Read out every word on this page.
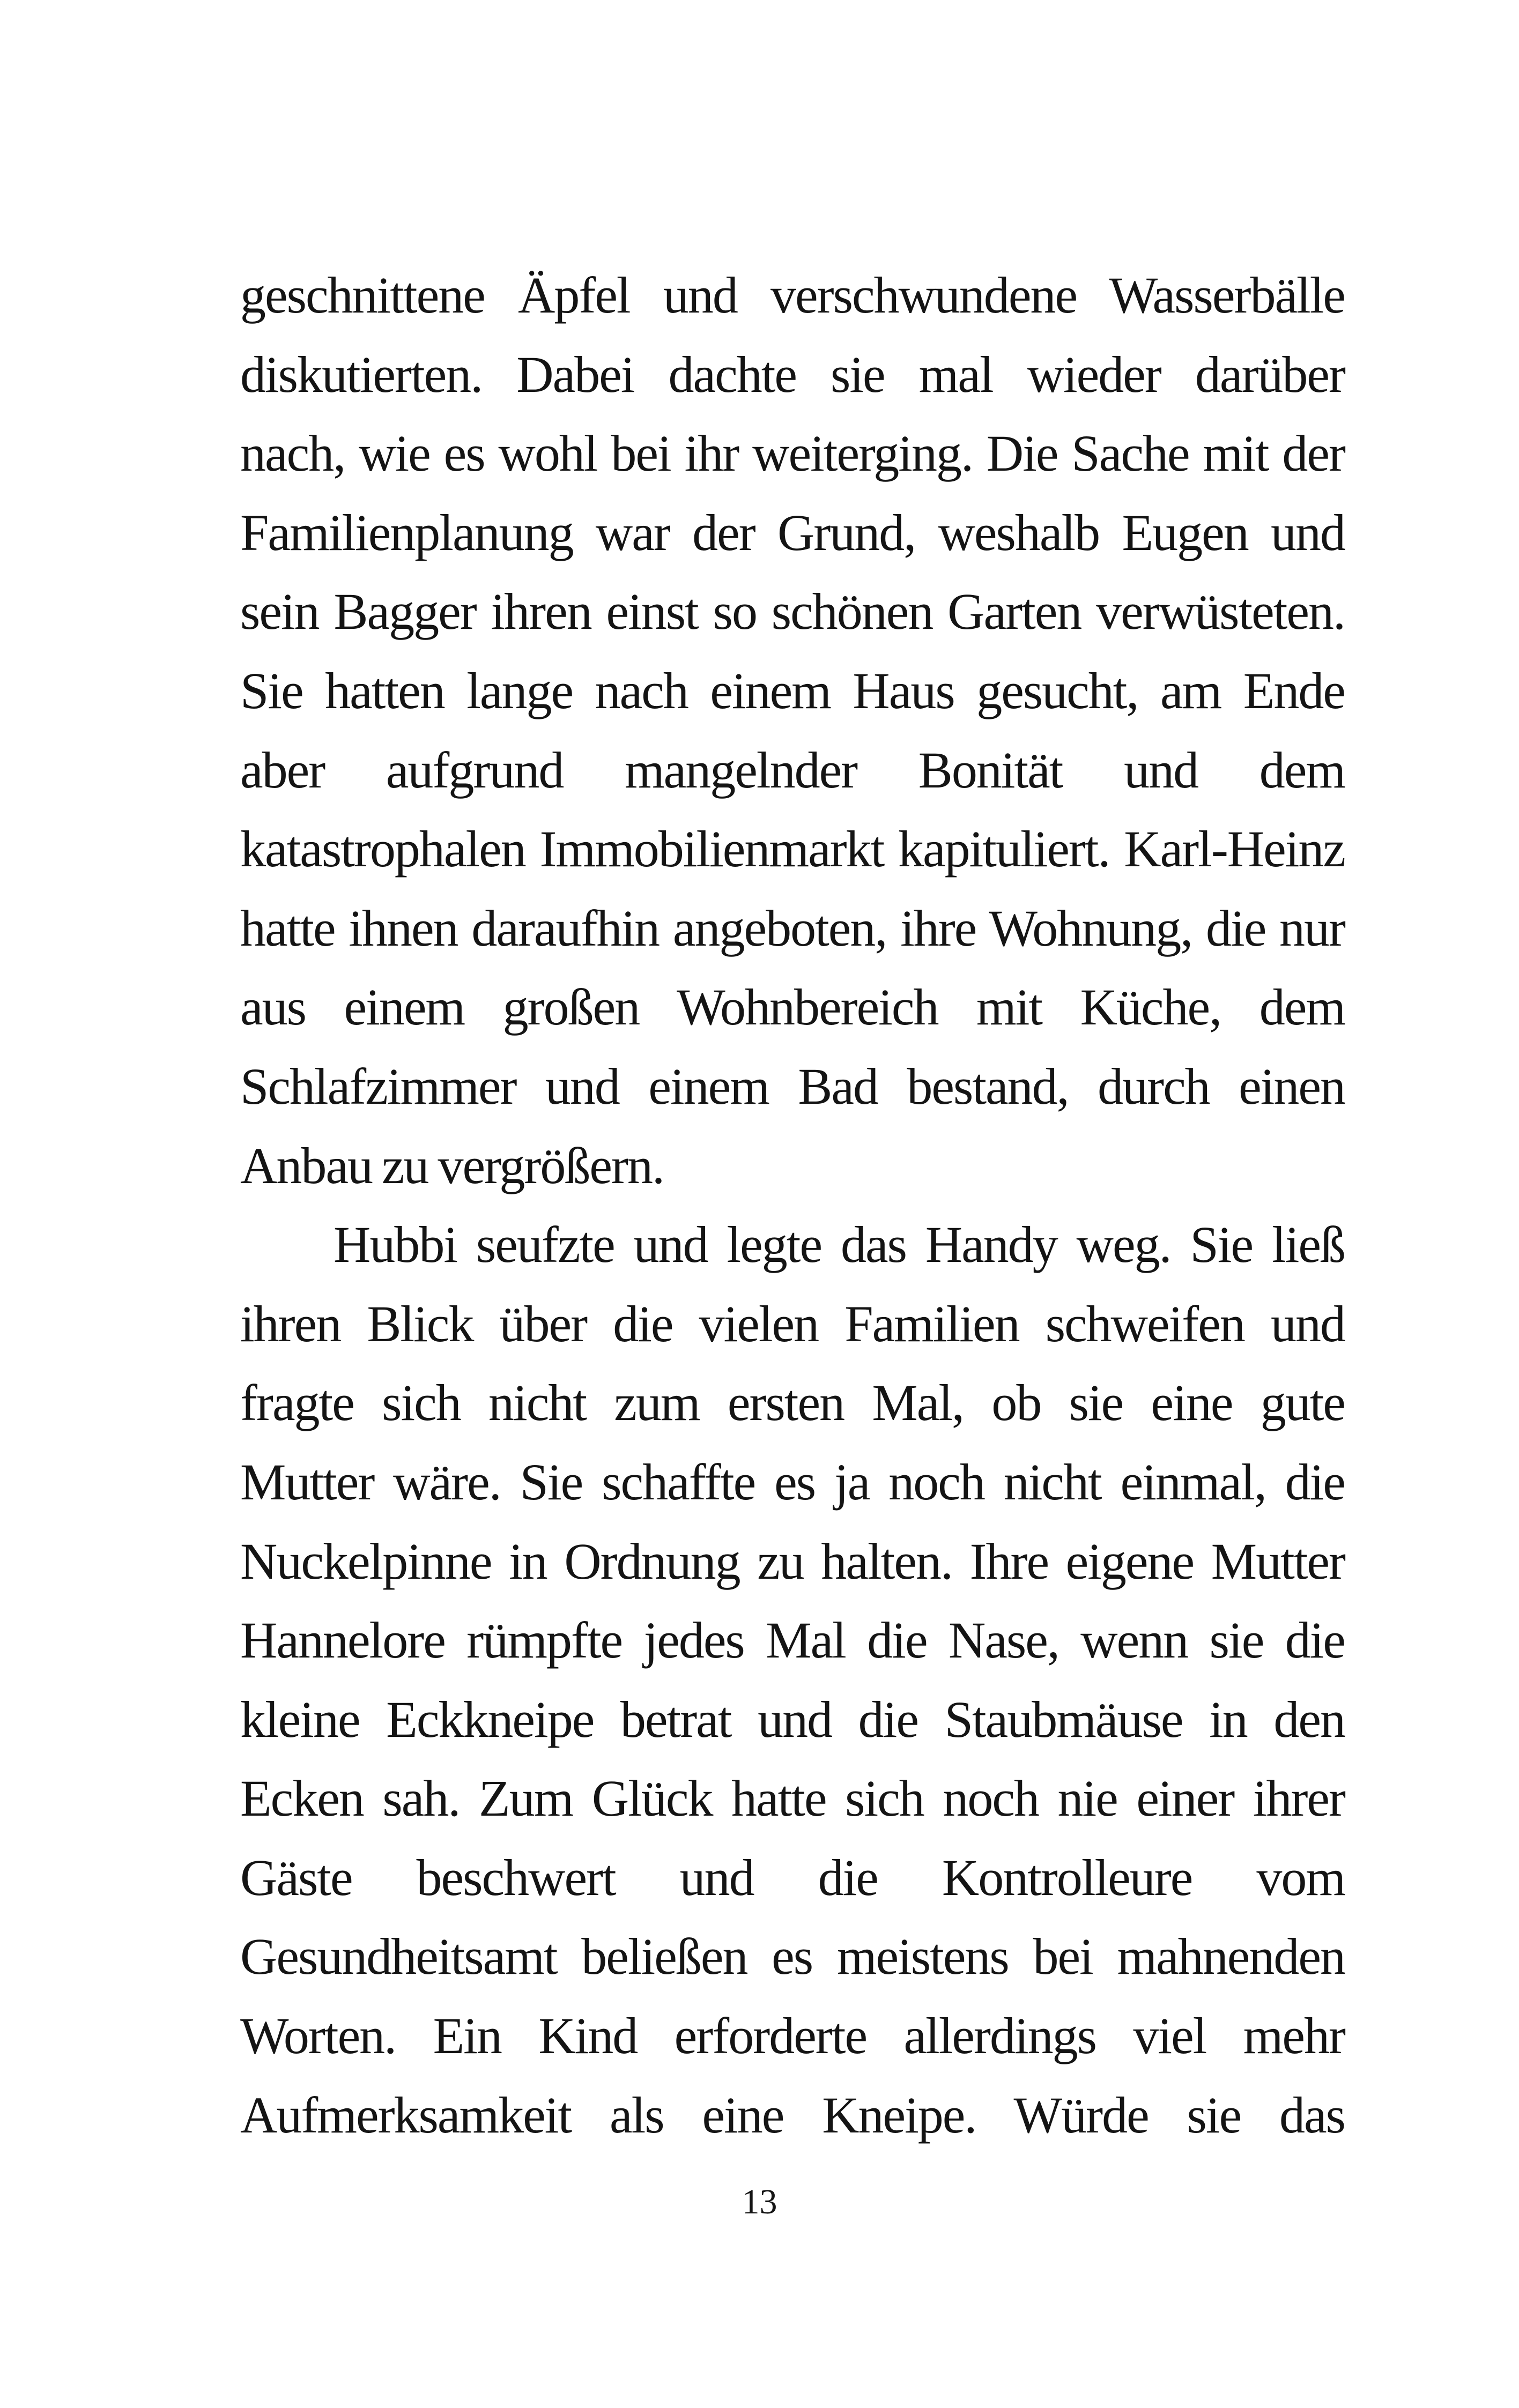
geschnittene Äpfel und verschwundene Wasserbälle
diskutierten. Dabei dachte sie mal wieder darüber
nach, wie es wohl bei ihr weiterging. Die Sache mit der
Familienplanung war der Grund, weshalb Eugen und
sein Bagger ihren einst so schönen Garten verwüsteten.
Sie hatten lange nach einem Haus gesucht, am Ende
aber aufgrund mangelnder Bonität und dem
katastrophalen Immobilienmarkt kapituliert. Karl-Heinz
hatte ihnen daraufhin angeboten, ihre Wohnung, die nur
aus einem großen Wohnbereich mit Küche, dem
Schlafzimmer und einem Bad bestand, durch einen
Anbau zu vergrößern.

Hubbi seufzte und legte das Handy weg. Sie ließ
ihren Blick über die vielen Familien schweifen und
fragte sich nicht zum ersten Mal, ob sie eine gute
Mutter wäre. Sie schaffte es ja noch nicht einmal, die
Nuckelpinne in Ordnung zu halten. Ihre eigene Mutter
Hannelore rümpfte jedes Mal die Nase, wenn sie die
kleine Eckkneipe betrat und die Staubmäuse in den
Ecken sah. Zum Glück hatte sich noch nie einer ihrer
Gäste beschwert und die Kontrolleure vom
Gesundheitsamt beließen es meistens bei mahnenden
Worten. Ein Kind erforderte allerdings viel mehr
Aufmerksamkeit als eine Kneipe. Würde sie das

13
